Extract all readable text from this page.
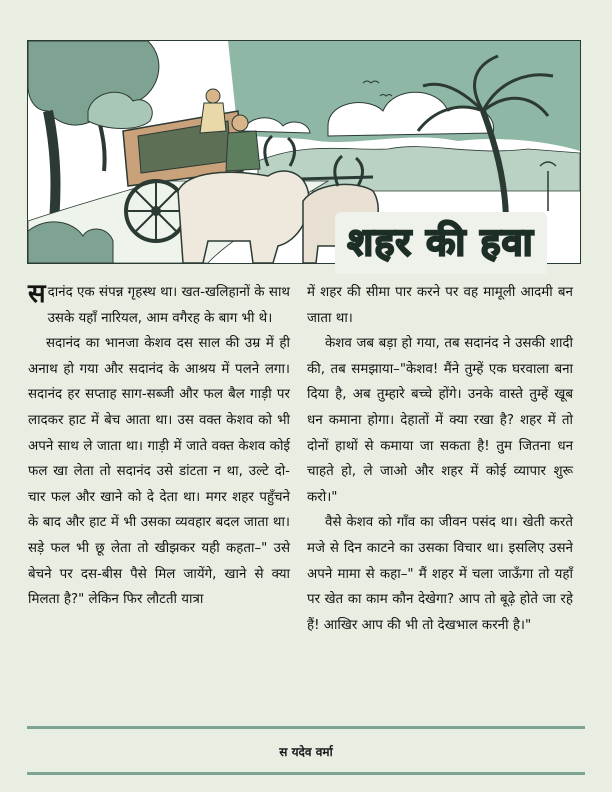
शहर की हवा

सदानंद एक संपन्न गृहस्थ था। खत-खलिहानों के साथ उसके यहाँ नारियल, आम वगैरह के बाग भी थे।

सदानंद का भानजा केशव दस साल की उम्र में ही अनाथ हो गया और सदानंद के आश्रय में पलने लगा। सदानंद हर सप्ताह साग-सब्जी और फल बैल गाड़ी पर लादकर हाट में बेच आता था। उस वक्त केशव को भी अपने साथ ले जाता था। गाड़ी में जाते वक्त केशव कोई फल खा लेता तो सदानंद उसे डांटता न था, उल्टे दो-चार फल और खाने को दे देता था। मगर शहर पहुँचने के बाद और हाट में भी उसका व्यवहार बदल जाता था। सड़े फल भी छू लेता तो खीझकर यही कहता–" उसे बेचने पर दस-बीस पैसे मिल जायेंगे, खाने से क्या मिलता है?" लेकिन फिर लौटती यात्रा

में शहर की सीमा पार करने पर वह मामूली आदमी बन जाता था।

केशव जब बड़ा हो गया, तब सदानंद ने उसकी शादी की, तब समझाया–"केशव! मैंने तुम्हें एक घरवाला बना दिया है, अब तुम्हारे बच्चे होंगे। उनके वास्ते तुम्हें खूब धन कमाना होगा। देहातों में क्या रखा है? शहर में तो दोनों हाथों से कमाया जा सकता है! तुम जितना धन चाहते हो, ले जाओ और शहर में कोई व्यापार शुरू करो।"

वैसे केशव को गाँव का जीवन पसंद था। खेती करते मजे से दिन काटने का उसका विचार था। इसलिए उसने अपने मामा से कहा–" मैं शहर में चला जाऊँगा तो यहाँ पर खेत का काम कौन देखेगा? आप तो बूढ़े होते जा रहे हैं! आखिर आप की भी तो देखभाल करनी है।"

स यदेव वर्मा
